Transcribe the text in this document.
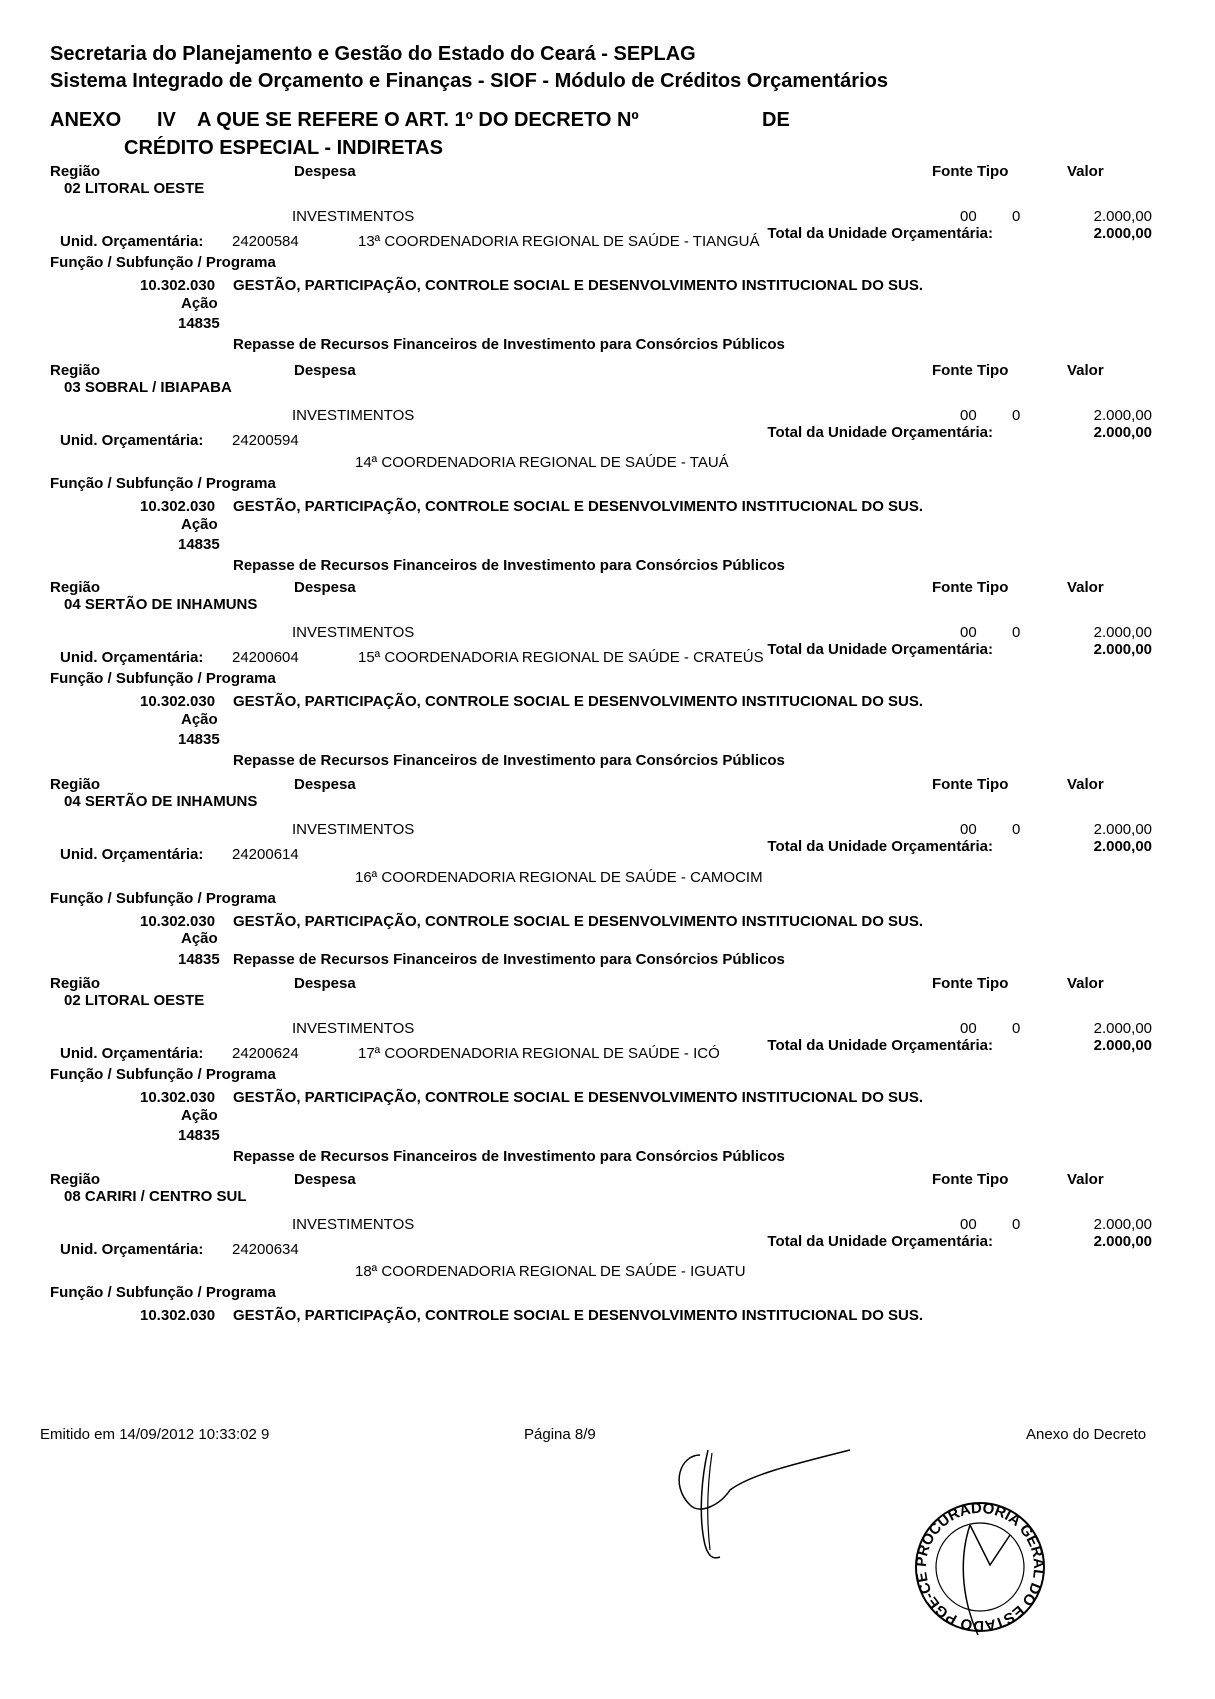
Secretaria do Planejamento e Gestão do Estado do Ceará - SEPLAG
Sistema Integrado de Orçamento e Finanças - SIOF - Módulo de Créditos Orçamentários
ANEXO IV A QUE SE REFERE O ART. 1º DO DECRETO Nº	DE
CRÉDITO ESPECIAL - INDIRETAS
Região	Despesa	Fonte Tipo	Valor
02 LITORAL OESTE
INVESTIMENTOS	00 0	2.000,00
Total da Unidade Orçamentária:	2.000,00
Unid. Orçamentária: 24200584	13ª COORDENADORIA REGIONAL DE SAÚDE - TIANGUÁ
Função / Subfunção / Programa
10.302.030 GESTÃO, PARTICIPAÇÃO, CONTROLE SOCIAL E DESENVOLVIMENTO INSTITUCIONAL DO SUS.
Ação
14835
Repasse de Recursos Financeiros de Investimento para Consórcios Públicos
Região	Despesa	Fonte Tipo	Valor
03 SOBRAL / IBIAPABA
INVESTIMENTOS	00 0	2.000,00
Total da Unidade Orçamentária:	2.000,00
Unid. Orçamentária: 24200594
14ª COORDENADORIA REGIONAL DE SAÚDE - TAUÁ
Função / Subfunção / Programa
10.302.030 GESTÃO, PARTICIPAÇÃO, CONTROLE SOCIAL E DESENVOLVIMENTO INSTITUCIONAL DO SUS.
Ação
14835
Repasse de Recursos Financeiros de Investimento para Consórcios Públicos
Região	Despesa	Fonte Tipo	Valor
04 SERTÃO DE INHAMUNS
INVESTIMENTOS	00 0	2.000,00
Total da Unidade Orçamentária:	2.000,00
Unid. Orçamentária: 24200604	15ª COORDENADORIA REGIONAL DE SAÚDE - CRATEÚS
Função / Subfunção / Programa
10.302.030 GESTÃO, PARTICIPAÇÃO, CONTROLE SOCIAL E DESENVOLVIMENTO INSTITUCIONAL DO SUS.
Ação
14835
Repasse de Recursos Financeiros de Investimento para Consórcios Públicos
Região	Despesa	Fonte Tipo	Valor
04 SERTÃO DE INHAMUNS
INVESTIMENTOS	00 0	2.000,00
Total da Unidade Orçamentária:	2.000,00
Unid. Orçamentária: 24200614
16ª COORDENADORIA REGIONAL DE SAÚDE - CAMOCIM
Função / Subfunção / Programa
10.302.030 GESTÃO, PARTICIPAÇÃO, CONTROLE SOCIAL E DESENVOLVIMENTO INSTITUCIONAL DO SUS.
Ação
14835 Repasse de Recursos Financeiros de Investimento para Consórcios Públicos
Região	Despesa	Fonte Tipo	Valor
02 LITORAL OESTE
INVESTIMENTOS	00 0	2.000,00
Total da Unidade Orçamentária:	2.000,00
Unid. Orçamentária: 24200624	17ª COORDENADORIA REGIONAL DE SAÚDE - ICÓ
Função / Subfunção / Programa
10.302.030 GESTÃO, PARTICIPAÇÃO, CONTROLE SOCIAL E DESENVOLVIMENTO INSTITUCIONAL DO SUS.
Ação
14835
Repasse de Recursos Financeiros de Investimento para Consórcios Públicos
Região	Despesa	Fonte Tipo	Valor
08 CARIRI / CENTRO SUL
INVESTIMENTOS	00 0	2.000,00
Total da Unidade Orçamentária:	2.000,00
Unid. Orçamentária: 24200634
18ª COORDENADORIA REGIONAL DE SAÚDE - IGUATU
Função / Subfunção / Programa
10.302.030 GESTÃO, PARTICIPAÇÃO, CONTROLE SOCIAL E DESENVOLVIMENTO INSTITUCIONAL DO SUS.
Emitido em 14/09/2012 10:33:02 9	Página 8/9	Anexo do Decreto
PROCURADORIA GERAL DO ESTADO PGE-CE
